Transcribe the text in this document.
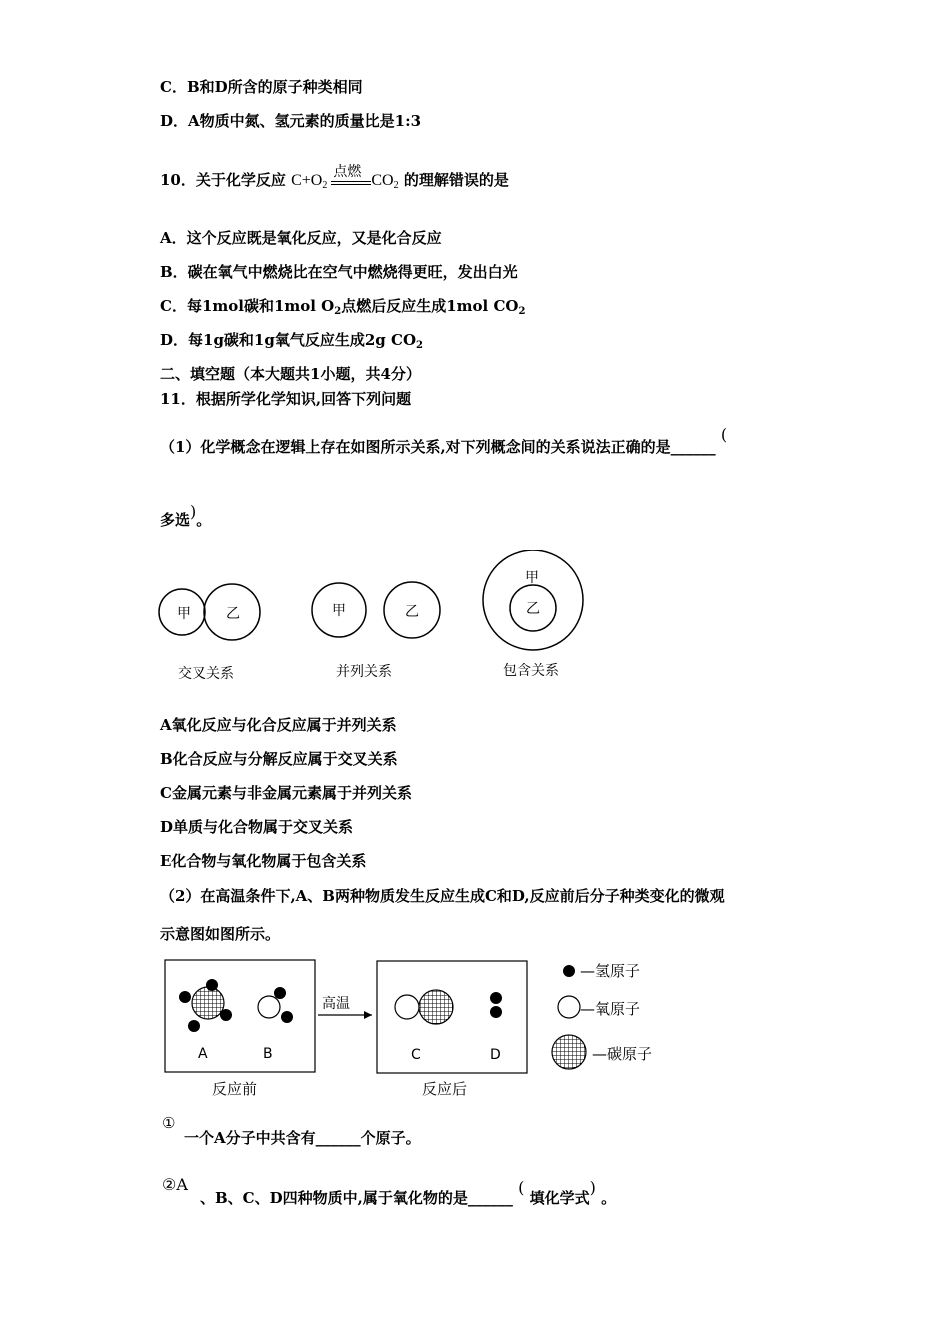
C．B和D所含的原子种类相同
D．A物质中氮、氢元素的质量比是1:3
10．关于化学反应 $C+O_2$
点燃 $CO_2$ 的理解错误的是
A．这个反应既是氧化反应，又是化合反应
B．碳在氧气中燃烧比在空气中燃烧得更旺，发出白光
C．每1mol碳和1mol $O_2$点燃后反应生成1mol $CO_2$
D．每1g碳和1g氧气反应生成2g $CO_2$
二、填空题（本大题共1小题，共4分）
11．根据所学化学知识,回答下列问题
（1）化学概念在逻辑上存在如图所示关系,对下列概念间的关系说法正确的是______ (
多选)。
甲	乙
交叉关系
甲	乙
并列关系
甲
乙
包含关系
A氧化反应与化合反应属于并列关系
B化合反应与分解反应属于交叉关系
C金属元素与非金属元素属于并列关系
D单质与化合物属于交叉关系
E化合物与氧化物属于包含关系
（2）在高温条件下,A、B两种物质发生反应生成C和D,反应前后分子种类变化的微观
示意图如图所示。
A	B
高温
C	D
反应前	反应后
—氢原子
—氧原子
—碳原子
①
一个A分子中共含有______个原子。
②A
、B、C、D四种物质中,属于氧化物的是______ ( 填化学式) 。
